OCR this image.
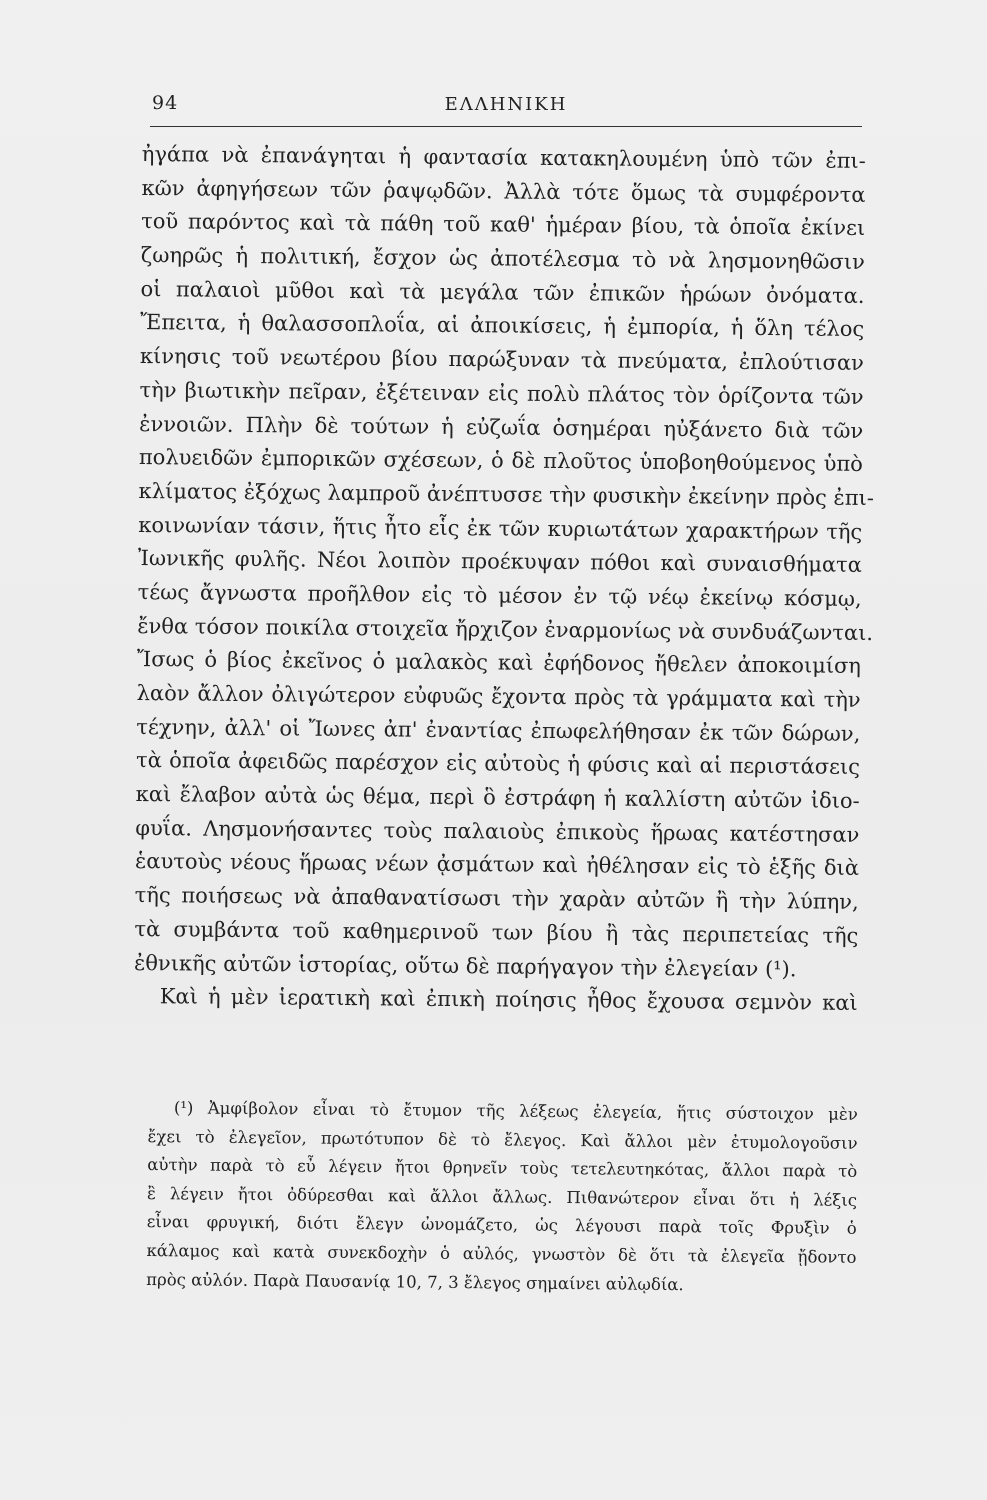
94	ΕΛΛΗΝΙΚΗ
ἠγάπα νὰ ἐπανάγηται ἡ φαντασία κατακηλουμένη ὑπὸ τῶν ἐπι-
κῶν ἀφηγήσεων τῶν ῥαψῳδῶν. Ἀλλὰ τότε ὅμως τὰ συμφέροντα
τοῦ παρόντος καὶ τὰ πάθη τοῦ καθ' ἡμέραν βίου, τὰ ὁποῖα ἐκίνει
ζωηρῶς ἡ πολιτική, ἔσχον ὡς ἀποτέλεσμα τὸ νὰ λησμονηθῶσιν
οἱ παλαιοὶ μῦθοι καὶ τὰ μεγάλα τῶν ἐπικῶν ἡρώων ὀνόματα.
Ἔπειτα, ἡ θαλασσοπλοΐα, αἱ ἀποικίσεις, ἡ ἐμπορία, ἡ ὅλη τέλος
κίνησις τοῦ νεωτέρου βίου παρώξυναν τὰ πνεύματα, ἐπλούτισαν
τὴν βιωτικὴν πεῖραν, ἐξέτειναν εἰς πολὺ πλάτος τὸν ὁρίζοντα τῶν
ἐννοιῶν. Πλὴν δὲ τούτων ἡ εὐζωΐα ὁσημέραι ηὐξάνετο διὰ τῶν
πολυειδῶν ἐμπορικῶν σχέσεων, ὁ δὲ πλοῦτος ὑποβοηθούμενος ὑπὸ
κλίματος ἐξόχως λαμπροῦ ἀνέπτυσσε τὴν φυσικὴν ἐκείνην πρὸς ἐπι-
κοινωνίαν τάσιν, ἥτις ἦτο εἷς ἐκ τῶν κυριωτάτων χαρακτήρων τῆς
Ἰωνικῆς φυλῆς. Νέοι λοιπὸν προέκυψαν πόθοι καὶ συναισθήματα
τέως ἄγνωστα προῆλθον εἰς τὸ μέσον ἐν τῷ νέῳ ἐκείνῳ κόσμῳ,
ἔνθα τόσον ποικίλα στοιχεῖα ἤρχιζον ἐναρμονίως νὰ συνδυάζωνται.
Ἴσως ὁ βίος ἐκεῖνος ὁ μαλακὸς καὶ ἐφήδονος ἤθελεν ἀποκοιμίση
λαὸν ἄλλον ὀλιγώτερον εὐφυῶς ἔχοντα πρὸς τὰ γράμματα καὶ τὴν
τέχνην, ἀλλ' οἱ Ἴωνες ἀπ' ἐναντίας ἐπωφελήθησαν ἐκ τῶν δώρων,
τὰ ὁποῖα ἀφειδῶς παρέσχον εἰς αὐτοὺς ἡ φύσις καὶ αἱ περιστάσεις
καὶ ἔλαβον αὐτὰ ὡς θέμα, περὶ ὃ ἐστράφη ἡ καλλίστη αὐτῶν ἰδιο-
φυΐα. Λησμονήσαντες τοὺς παλαιοὺς ἐπικοὺς ἥρωας κατέστησαν
ἑαυτοὺς νέους ἥρωας νέων ᾀσμάτων καὶ ἠθέλησαν εἰς τὸ ἑξῆς διὰ
τῆς ποιήσεως νὰ ἀπαθανατίσωσι τὴν χαρὰν αὐτῶν ἢ τὴν λύπην,
τὰ συμβάντα τοῦ καθημερινοῦ των βίου ἢ τὰς περιπετείας τῆς
ἐθνικῆς αὐτῶν ἱστορίας, οὕτω δὲ παρήγαγον τὴν ἐλεγείαν (¹).
Καὶ ἡ μὲν ἱερατικὴ καὶ ἐπικὴ ποίησις ἦθος ἔχουσα σεμνὸν καὶ
(¹) Ἀμφίβολον εἶναι τὸ ἔτυμον τῆς λέξεως ἐλεγεία, ἥτις σύστοιχον μὲν
ἔχει τὸ ἐλεγεῖον, πρωτότυπον δὲ τὸ ἔλεγος. Καὶ ἄλλοι μὲν ἐτυμολογοῦσιν
αὐτὴν παρὰ τὸ εὖ λέγειν ἤτοι θρηνεῖν τοὺς τετελευτηκότας, ἄλλοι παρὰ τὸ
ἒ λέγειν ἤτοι ὀδύρεσθαι καὶ ἄλλοι ἄλλως. Πιθανώτερον εἶναι ὅτι ἡ λέξις
εἶναι φρυγική, διότι ἔλεγν ὠνομάζετο, ὡς λέγουσι παρὰ τοῖς Φρυξὶν ὁ
κάλαμος καὶ κατὰ συνεκδοχὴν ὁ αὐλός, γνωστὸν δὲ ὅτι τὰ ἐλεγεῖα ᾔδοντο
πρὸς αὐλόν. Παρὰ Παυσανίᾳ 10, 7, 3 ἔλεγος σημαίνει αὐλῳδία.
